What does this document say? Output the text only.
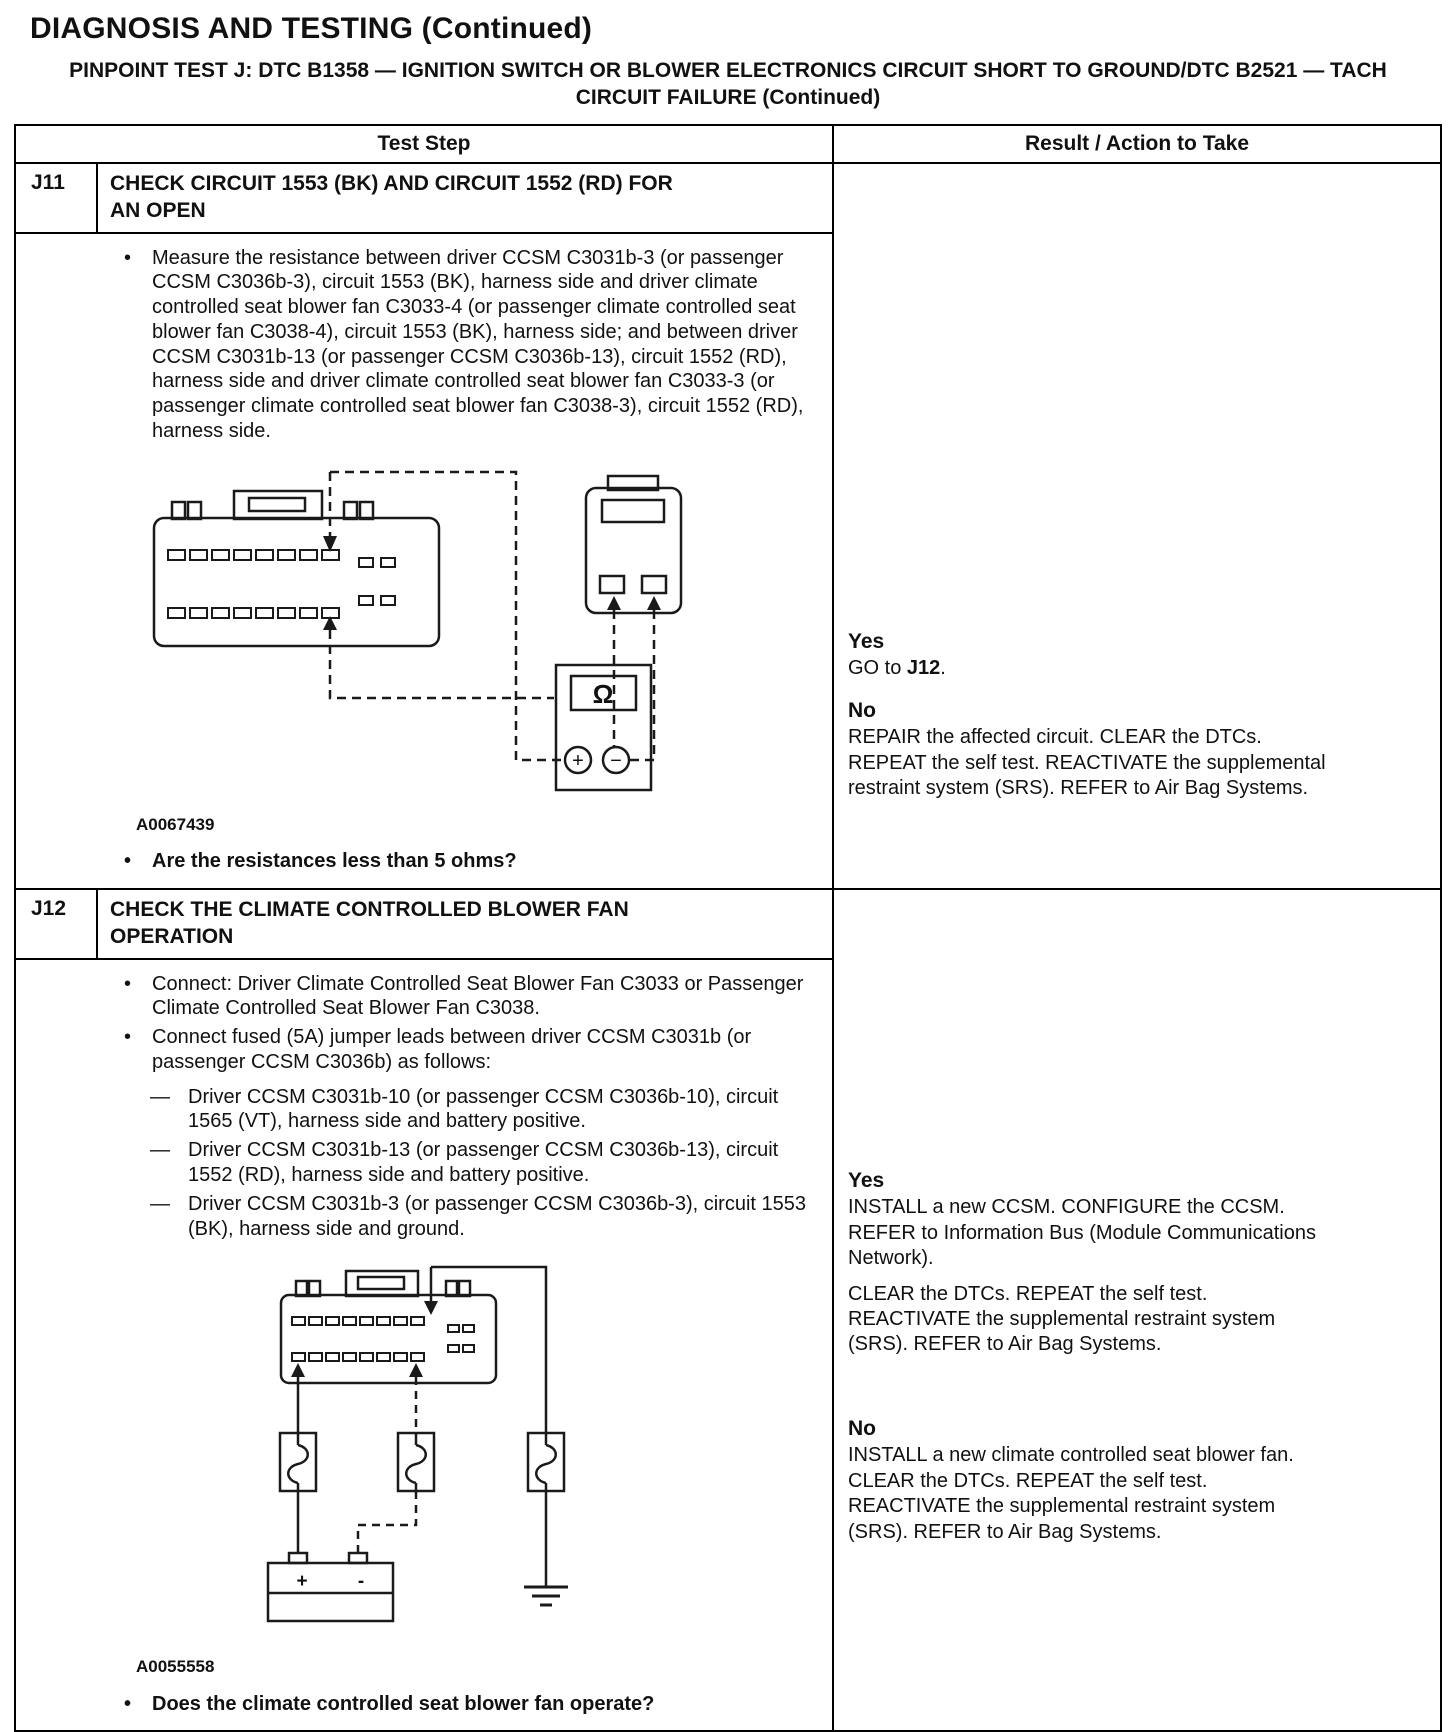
DIAGNOSIS AND TESTING (Continued)
PINPOINT TEST J: DTC B1358 — IGNITION SWITCH OR BLOWER ELECTRONICS CIRCUIT SHORT TO GROUND/DTC B2521 — TACH CIRCUIT FAILURE (Continued)
Test Step	Result / Action to Take
J11	CHECK CIRCUIT 1553 (BK) AND CIRCUIT 1552 (RD) FOR AN OPEN
• Measure the resistance between driver CCSM C3031b-3 (or passenger CCSM C3036b-3), circuit 1553 (BK), harness side and driver climate controlled seat blower fan C3033-4 (or passenger climate controlled seat blower fan C3038-4), circuit 1553 (BK), harness side; and between driver CCSM C3031b-13 (or passenger CCSM C3036b-13), circuit 1552 (RD), harness side and driver climate controlled seat blower fan C3033-3 (or passenger climate controlled seat blower fan C3038-3), circuit 1552 (RD), harness side.
Ω
+ −
A0067439
• Are the resistances less than 5 ohms?
Yes
GO to J12.
No

REPAIR the affected circuit. CLEAR the DTCs. REPEAT the self test. REACTIVATE the supplemental restraint system (SRS). REFER to Air Bag Systems.

J12	CHECK THE CLIMATE CONTROLLED BLOWER FAN OPERATION
• Connect: Driver Climate Controlled Seat Blower Fan C3033 or Passenger Climate Controlled Seat Blower Fan C3038.
• Connect fused (5A) jumper leads between driver CCSM C3031b (or passenger CCSM C3036b) as follows:
— Driver CCSM C3031b-10 (or passenger CCSM C3036b-10), circuit 1565 (VT), harness side and battery positive.
— Driver CCSM C3031b-13 (or passenger CCSM C3036b-13), circuit 1552 (RD), harness side and battery positive.
— Driver CCSM C3031b-3 (or passenger CCSM C3036b-3), circuit 1553 (BK), harness side and ground.
+	-
A0055558
• Does the climate controlled seat blower fan operate?
Yes

INSTALL a new CCSM. CONFIGURE the CCSM. REFER to Information Bus (Module Communications Network).

CLEAR the DTCs. REPEAT the self test. REACTIVATE the supplemental restraint system (SRS). REFER to Air Bag Systems.

No

INSTALL a new climate controlled seat blower fan. CLEAR the DTCs. REPEAT the self test. REACTIVATE the supplemental restraint system (SRS). REFER to Air Bag Systems.
